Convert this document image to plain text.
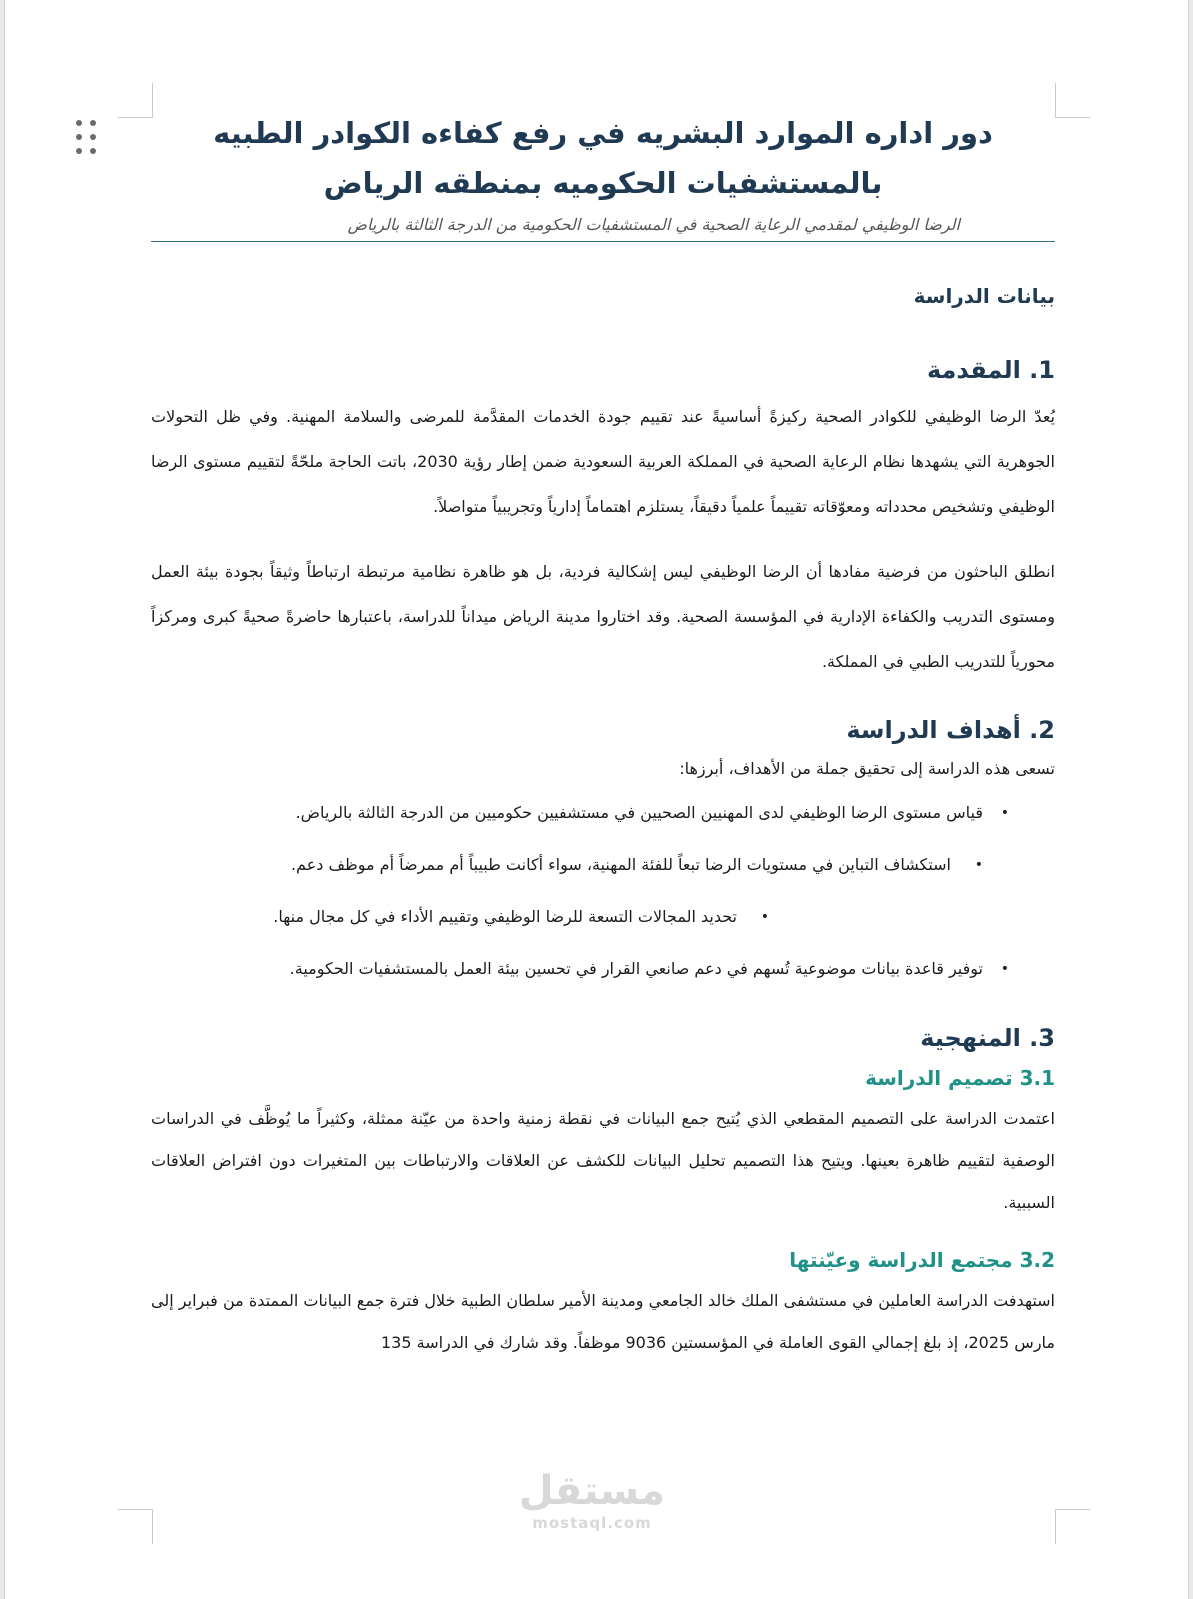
دور اداره الموارد البشريه في رفع كفاءه الكوادر الطبيه بالمستشفيات الحكوميه بمنطقه الرياض
الرضا الوظيفي لمقدمي الرعاية الصحية في المستشفيات الحكومية من الدرجة الثالثة بالرياض
بيانات الدراسة
1. المقدمة

يُعدّ الرضا الوظيفي للكوادر الصحية ركيزةً أساسيةً عند تقييم جودة الخدمات المقدَّمة للمرضى والسلامة المهنية. وفي ظل التحولات الجوهرية التي يشهدها نظام الرعاية الصحية في المملكة العربية السعودية ضمن إطار رؤية 2030، باتت الحاجة ملحّةً لتقييم مستوى الرضا الوظيفي وتشخيص محدداته ومعوّقاته تقييماً علمياً دقيقاً، يستلزم اهتماماً إدارياً وتجريبياً متواصلاً.

انطلق الباحثون من فرضية مفادها أن الرضا الوظيفي ليس إشكالية فردية، بل هو ظاهرة نظامية مرتبطة ارتباطاً وثيقاً بجودة بيئة العمل ومستوى التدريب والكفاءة الإدارية في المؤسسة الصحية. وقد اختاروا مدينة الرياض ميداناً للدراسة، باعتبارها حاضرةً صحيةً كبرى ومركزاً محورياً للتدريب الطبي في المملكة.

2. أهداف الدراسة

تسعى هذه الدراسة إلى تحقيق جملة من الأهداف، أبرزها:

•
قياس مستوى الرضا الوظيفي لدى المهنيين الصحيين في مستشفيين حكوميين من الدرجة الثالثة بالرياض.
•
استكشاف التباين في مستويات الرضا تبعاً للفئة المهنية، سواء أكانت طبيباً أم ممرضاً أم موظف دعم.
•
تحديد المجالات التسعة للرضا الوظيفي وتقييم الأداء في كل مجال منها.
•
توفير قاعدة بيانات موضوعية تُسهم في دعم صانعي القرار في تحسين بيئة العمل بالمستشفيات الحكومية.
3. المنهجية
3.1 تصميم الدراسة

اعتمدت الدراسة على التصميم المقطعي الذي يُتيح جمع البيانات في نقطة زمنية واحدة من عيّنة ممثلة، وكثيراً ما يُوظَّف في الدراسات الوصفية لتقييم ظاهرة بعينها. ويتيح هذا التصميم تحليل البيانات للكشف عن العلاقات والارتباطات بين المتغيرات دون افتراض العلاقات السببية.

3.2 مجتمع الدراسة وعيّنتها

استهدفت الدراسة العاملين في مستشفى الملك خالد الجامعي ومدينة الأمير سلطان الطبية خلال فترة جمع البيانات الممتدة من فبراير إلى مارس 2025، إذ بلغ إجمالي القوى العاملة في المؤسستين 9036 موظفاً. وقد شارك في الدراسة 135

مستقل
mostaql.com
